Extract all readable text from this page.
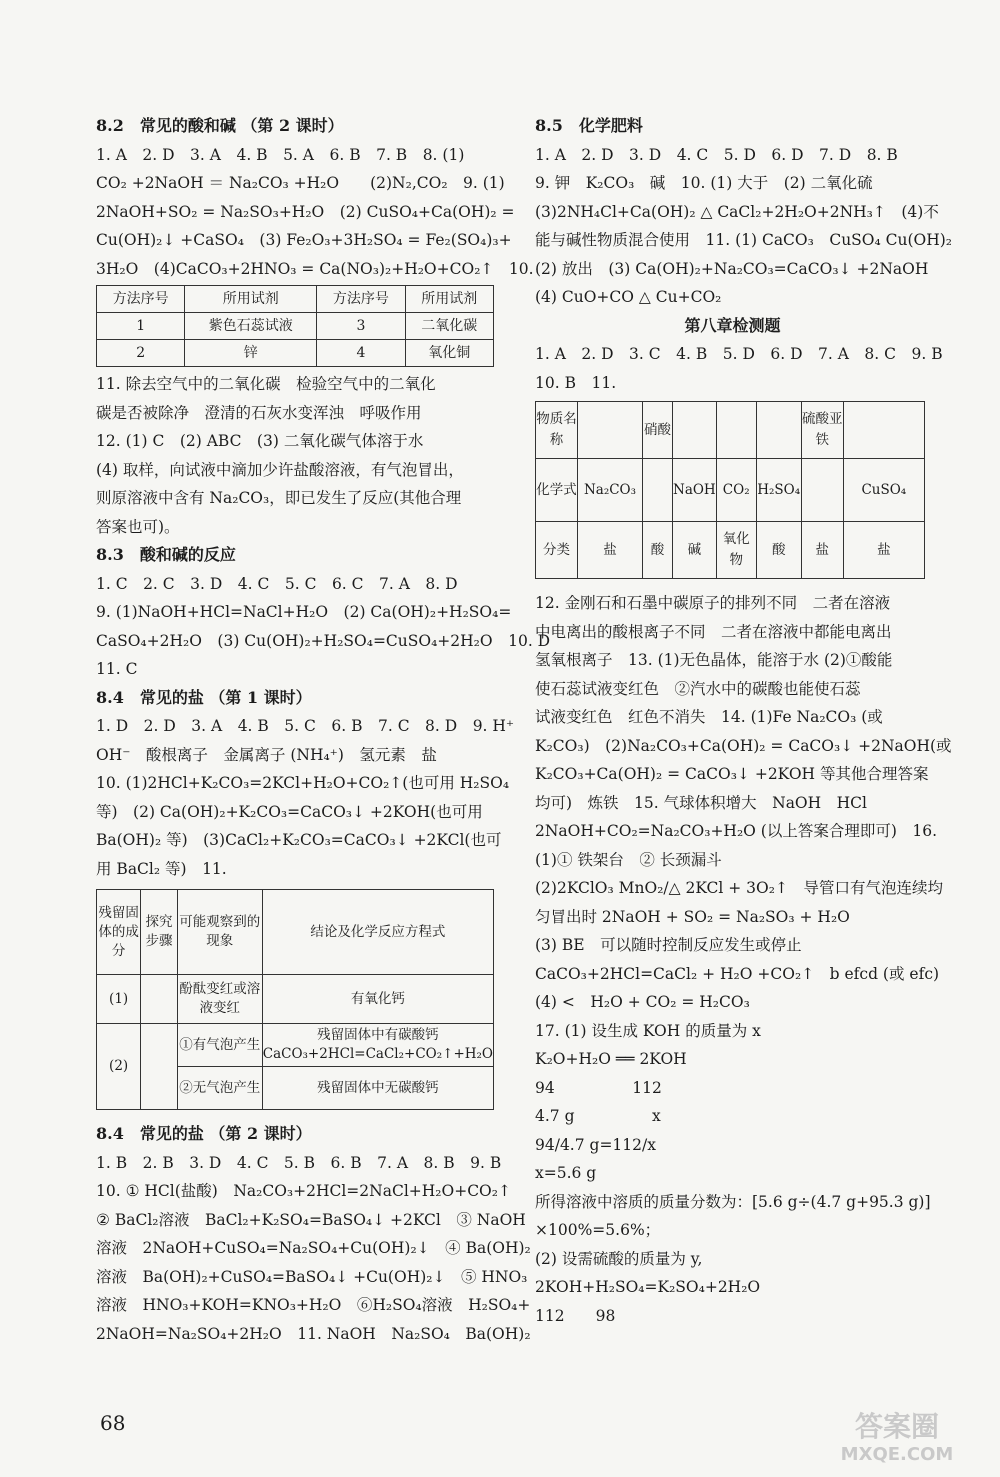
8.2　常见的酸和碱 （第 2 课时）
1. A　2. D　3. A　4. B　5. A　6. B　7. B　8. (1)
CO₂ +2NaOH ＝ Na₂CO₃ +H₂O　　(2)N₂,CO₂　9. (1)
2NaOH+SO₂ = Na₂SO₃+H₂O　(2) CuSO₄+Ca(OH)₂ =
Cu(OH)₂↓ +CaSO₄　(3) Fe₂O₃+3H₂SO₄ = Fe₂(SO₄)₃+
3H₂O　(4)CaCO₃+2HNO₃ = Ca(NO₃)₂+H₂O+CO₂↑　10.
方法序号	所用试剂	方法序号	所用试剂
1	紫色石蕊试液	3	二氧化碳
2	锌	4	氧化铜
11. 除去空气中的二氧化碳　检验空气中的二氧化
碳是否被除净　澄清的石灰水变浑浊　呼吸作用
12. (1) C　(2) ABC　(3) 二氧化碳气体溶于水
(4) 取样，向试液中滴加少许盐酸溶液，有气泡冒出，
则原溶液中含有 Na₂CO₃，即已发生了反应(其他合理
答案也可)。
8.3　酸和碱的反应
1. C　2. C　3. D　4. C　5. C　6. C　7. A　8. D
9. (1)NaOH+HCl=NaCl+H₂O　(2) Ca(OH)₂+H₂SO₄=
CaSO₄+2H₂O　(3) Cu(OH)₂+H₂SO₄=CuSO₄+2H₂O　10. D
11. C
8.4　常见的盐 （第 1 课时）
1. D　2. D　3. A　4. B　5. C　6. B　7. C　8. D　9. H⁺
OH⁻　酸根离子　金属离子 (NH₄⁺)　氢元素　盐
10. (1)2HCl+K₂CO₃=2KCl+H₂O+CO₂↑(也可用 H₂SO₄
等)　(2) Ca(OH)₂+K₂CO₃=CaCO₃↓ +2KOH(也可用
Ba(OH)₂ 等)　(3)CaCl₂+K₂CO₃=CaCO₃↓ +2KCl(也可
用 BaCl₂ 等)　11.
残留固体的成分	探究步骤	可能观察到的现象	结论及化学反应方程式
(1)		酚酞变红或溶液变红	有氧化钙
(2)		①有气泡产生	残留固体中有碳酸钙 CaCO₃+2HCl=CaCl₂+CO₂↑+H₂O
		②无气泡产生	残留固体中无碳酸钙
8.4　常见的盐 （第 2 课时）
1. B　2. B　3. D　4. C　5. B　6. B　7. A　8. B　9. B
10. ① HCl(盐酸)　Na₂CO₃+2HCl=2NaCl+H₂O+CO₂↑
② BaCl₂溶液　BaCl₂+K₂SO₄=BaSO₄↓ +2KCl　③ NaOH
溶液　2NaOH+CuSO₄=Na₂SO₄+Cu(OH)₂↓　④ Ba(OH)₂
溶液　Ba(OH)₂+CuSO₄=BaSO₄↓ +Cu(OH)₂↓　⑤ HNO₃
溶液　HNO₃+KOH=KNO₃+H₂O　⑥H₂SO₄溶液　H₂SO₄+
2NaOH=Na₂SO₄+2H₂O　11. NaOH　Na₂SO₄　Ba(OH)₂
8.5　化学肥料
1. A　2. D　3. D　4. C　5. D　6. D　7. D　8. B
9. 钾　K₂CO₃　碱　10. (1) 大于　(2) 二氧化硫
(3)2NH₄Cl+Ca(OH)₂ △ CaCl₂+2H₂O+2NH₃↑　(4)不
能与碱性物质混合使用　11. (1) CaCO₃　CuSO₄ Cu(OH)₂
(2) 放出　(3) Ca(OH)₂+Na₂CO₃=CaCO₃↓ +2NaOH
(4) CuO+CO △ Cu+CO₂
第八章检测题
1. A　2. D　3. C　4. B　5. D　6. D　7. A　8. C　9. B
10. B　11.
物质名称		硝酸				硫酸亚铁	
化学式	Na₂CO₃		NaOH	CO₂	H₂SO₄		CuSO₄
分类	盐	酸	碱	氧化物	酸	盐	盐
12. 金刚石和石墨中碳原子的排列不同　二者在溶液
中电离出的酸根离子不同　二者在溶液中都能电离出
氢氧根离子　13. (1)无色晶体，能溶于水 (2)①酸能
使石蕊试液变红色　②汽水中的碳酸也能使石蕊
试液变红色　红色不消失　14. (1)Fe Na₂CO₃ (或
K₂CO₃)　(2)Na₂CO₃+Ca(OH)₂ = CaCO₃↓ +2NaOH(或
K₂CO₃+Ca(OH)₂ = CaCO₃↓ +2KOH 等其他合理答案
均可)　炼铁　15. 气球体积增大　NaOH　HCl
2NaOH+CO₂=Na₂CO₃+H₂O (以上答案合理即可)　16.
(1)① 铁架台　② 长颈漏斗
(2)2KClO₃ MnO₂/△ 2KCl + 3O₂↑　导管口有气泡连续均
匀冒出时 2NaOH + SO₂ = Na₂SO₃ + H₂O
(3) BE　可以随时控制反应发生或停止
CaCO₃+2HCl=CaCl₂ + H₂O +CO₂↑　b efcd (或 efc)
(4) <　H₂O + CO₂ = H₂CO₃
17. (1) 设生成 KOH 的质量为 x
K₂O+H₂O ══ 2KOH
94　　　　　112
4.7 g　　　　　x
94/4.7 g=112/x
x=5.6 g
所得溶液中溶质的质量分数为：[5.6 g÷(4.7 g+95.3 g)]
×100%=5.6%；
(2) 设需硫酸的质量为 y,
2KOH+H₂SO₄=K₂SO₄+2H₂O
112　　98
68	答案圈
MXQE.COM
